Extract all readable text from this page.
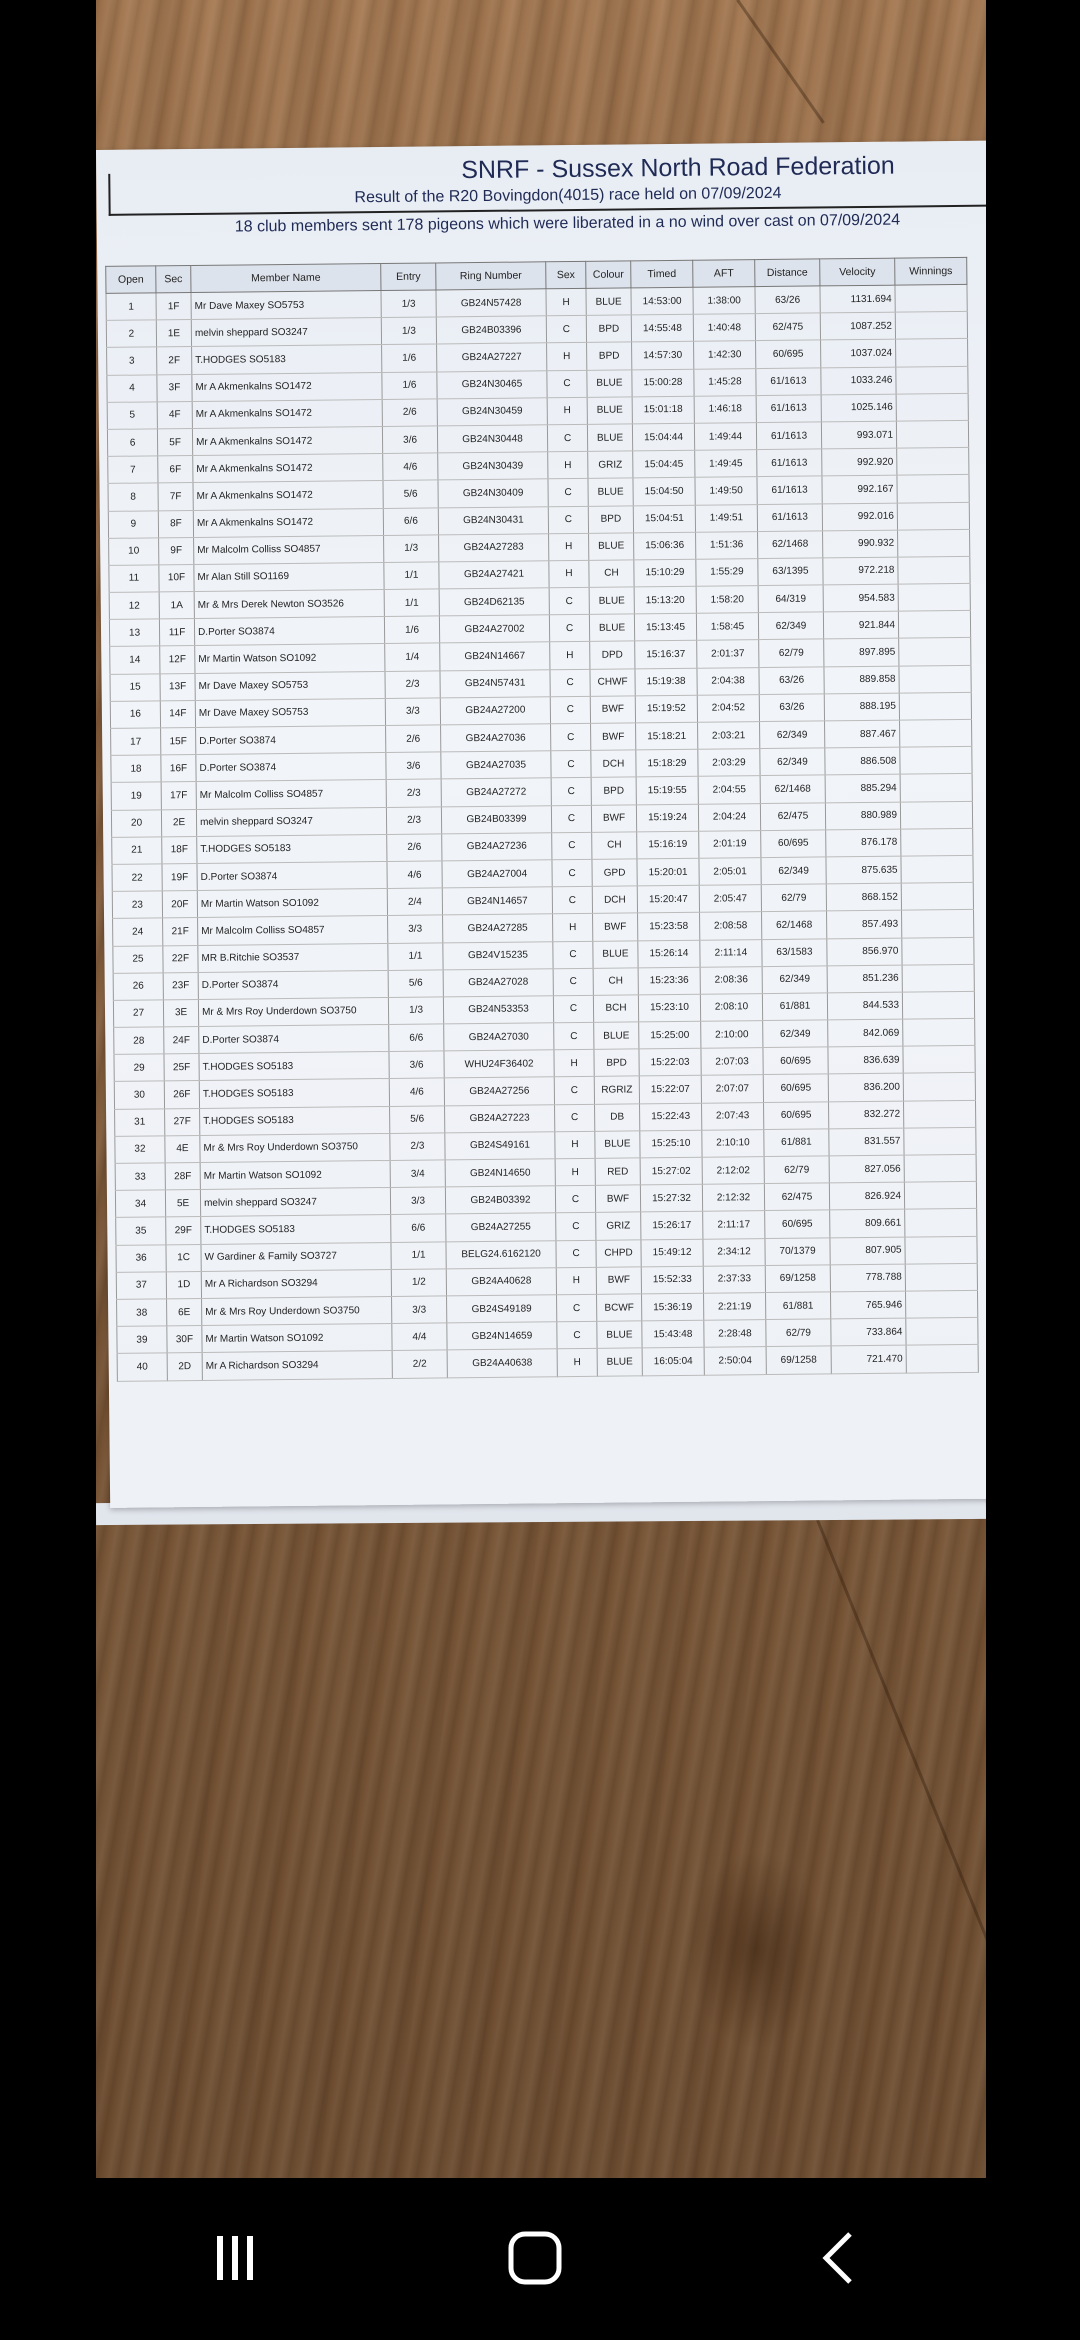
SNRF - Sussex North Road Federation
Result of the R20 Bovingdon(4015) race held on 07/09/2024
18 club members sent 178 pigeons which were liberated in a no wind over cast on 07/09/2024
Open	Sec	Member Name	Entry	Ring Number	Sex	Colour	Timed	AFT	Distance	Velocity	Winnings
1	1F	Mr Dave Maxey SO5753	1/3	GB24N57428	H	BLUE	14:53:00	1:38:00	63/26	1131.694	
2	1E	melvin sheppard SO3247	1/3	GB24B03396	C	BPD	14:55:48	1:40:48	62/475	1087.252	
3	2F	T.HODGES SO5183	1/6	GB24A27227	H	BPD	14:57:30	1:42:30	60/695	1037.024	
4	3F	Mr A Akmenkalns SO1472	1/6	GB24N30465	C	BLUE	15:00:28	1:45:28	61/1613	1033.246	
5	4F	Mr A Akmenkalns SO1472	2/6	GB24N30459	H	BLUE	15:01:18	1:46:18	61/1613	1025.146	
6	5F	Mr A Akmenkalns SO1472	3/6	GB24N30448	C	BLUE	15:04:44	1:49:44	61/1613	993.071	
7	6F	Mr A Akmenkalns SO1472	4/6	GB24N30439	H	GRIZ	15:04:45	1:49:45	61/1613	992.920	
8	7F	Mr A Akmenkalns SO1472	5/6	GB24N30409	C	BLUE	15:04:50	1:49:50	61/1613	992.167	
9	8F	Mr A Akmenkalns SO1472	6/6	GB24N30431	C	BPD	15:04:51	1:49:51	61/1613	992.016	
10	9F	Mr Malcolm Colliss SO4857	1/3	GB24A27283	H	BLUE	15:06:36	1:51:36	62/1468	990.932	
11	10F	Mr Alan Still SO1169	1/1	GB24A27421	H	CH	15:10:29	1:55:29	63/1395	972.218	
12	1A	Mr & Mrs Derek Newton SO3526	1/1	GB24D62135	C	BLUE	15:13:20	1:58:20	64/319	954.583	
13	11F	D.Porter SO3874	1/6	GB24A27002	C	BLUE	15:13:45	1:58:45	62/349	921.844	
14	12F	Mr Martin Watson SO1092	1/4	GB24N14667	H	DPD	15:16:37	2:01:37	62/79	897.895	
15	13F	Mr Dave Maxey SO5753	2/3	GB24N57431	C	CHWF	15:19:38	2:04:38	63/26	889.858	
16	14F	Mr Dave Maxey SO5753	3/3	GB24A27200	C	BWF	15:19:52	2:04:52	63/26	888.195	
17	15F	D.Porter SO3874	2/6	GB24A27036	C	BWF	15:18:21	2:03:21	62/349	887.467	
18	16F	D.Porter SO3874	3/6	GB24A27035	C	DCH	15:18:29	2:03:29	62/349	886.508	
19	17F	Mr Malcolm Colliss SO4857	2/3	GB24A27272	C	BPD	15:19:55	2:04:55	62/1468	885.294	
20	2E	melvin sheppard SO3247	2/3	GB24B03399	C	BWF	15:19:24	2:04:24	62/475	880.989	
21	18F	T.HODGES SO5183	2/6	GB24A27236	C	CH	15:16:19	2:01:19	60/695	876.178	
22	19F	D.Porter SO3874	4/6	GB24A27004	C	GPD	15:20:01	2:05:01	62/349	875.635	
23	20F	Mr Martin Watson SO1092	2/4	GB24N14657	C	DCH	15:20:47	2:05:47	62/79	868.152	
24	21F	Mr Malcolm Colliss SO4857	3/3	GB24A27285	H	BWF	15:23:58	2:08:58	62/1468	857.493	
25	22F	MR B.Ritchie SO3537	1/1	GB24V15235	C	BLUE	15:26:14	2:11:14	63/1583	856.970	
26	23F	D.Porter SO3874	5/6	GB24A27028	C	CH	15:23:36	2:08:36	62/349	851.236	
27	3E	Mr & Mrs Roy Underdown SO3750	1/3	GB24N53353	C	BCH	15:23:10	2:08:10	61/881	844.533	
28	24F	D.Porter SO3874	6/6	GB24A27030	C	BLUE	15:25:00	2:10:00	62/349	842.069	
29	25F	T.HODGES SO5183	3/6	WHU24F36402	H	BPD	15:22:03	2:07:03	60/695	836.639	
30	26F	T.HODGES SO5183	4/6	GB24A27256	C	RGRIZ	15:22:07	2:07:07	60/695	836.200	
31	27F	T.HODGES SO5183	5/6	GB24A27223	C	DB	15:22:43	2:07:43	60/695	832.272	
32	4E	Mr & Mrs Roy Underdown SO3750	2/3	GB24S49161	H	BLUE	15:25:10	2:10:10	61/881	831.557	
33	28F	Mr Martin Watson SO1092	3/4	GB24N14650	H	RED	15:27:02	2:12:02	62/79	827.056	
34	5E	melvin sheppard SO3247	3/3	GB24B03392	C	BWF	15:27:32	2:12:32	62/475	826.924	
35	29F	T.HODGES SO5183	6/6	GB24A27255	C	GRIZ	15:26:17	2:11:17	60/695	809.661	
36	1C	W Gardiner & Family SO3727	1/1	BELG24.6162120	C	CHPD	15:49:12	2:34:12	70/1379	807.905	
37	1D	Mr A Richardson SO3294	1/2	GB24A40628	H	BWF	15:52:33	2:37:33	69/1258	778.788	
38	6E	Mr & Mrs Roy Underdown SO3750	3/3	GB24S49189	C	BCWF	15:36:19	2:21:19	61/881	765.946	
39	30F	Mr Martin Watson SO1092	4/4	GB24N14659	C	BLUE	15:43:48	2:28:48	62/79	733.864	
40	2D	Mr A Richardson SO3294	2/2	GB24A40638	H	BLUE	16:05:04	2:50:04	69/1258	721.470	
